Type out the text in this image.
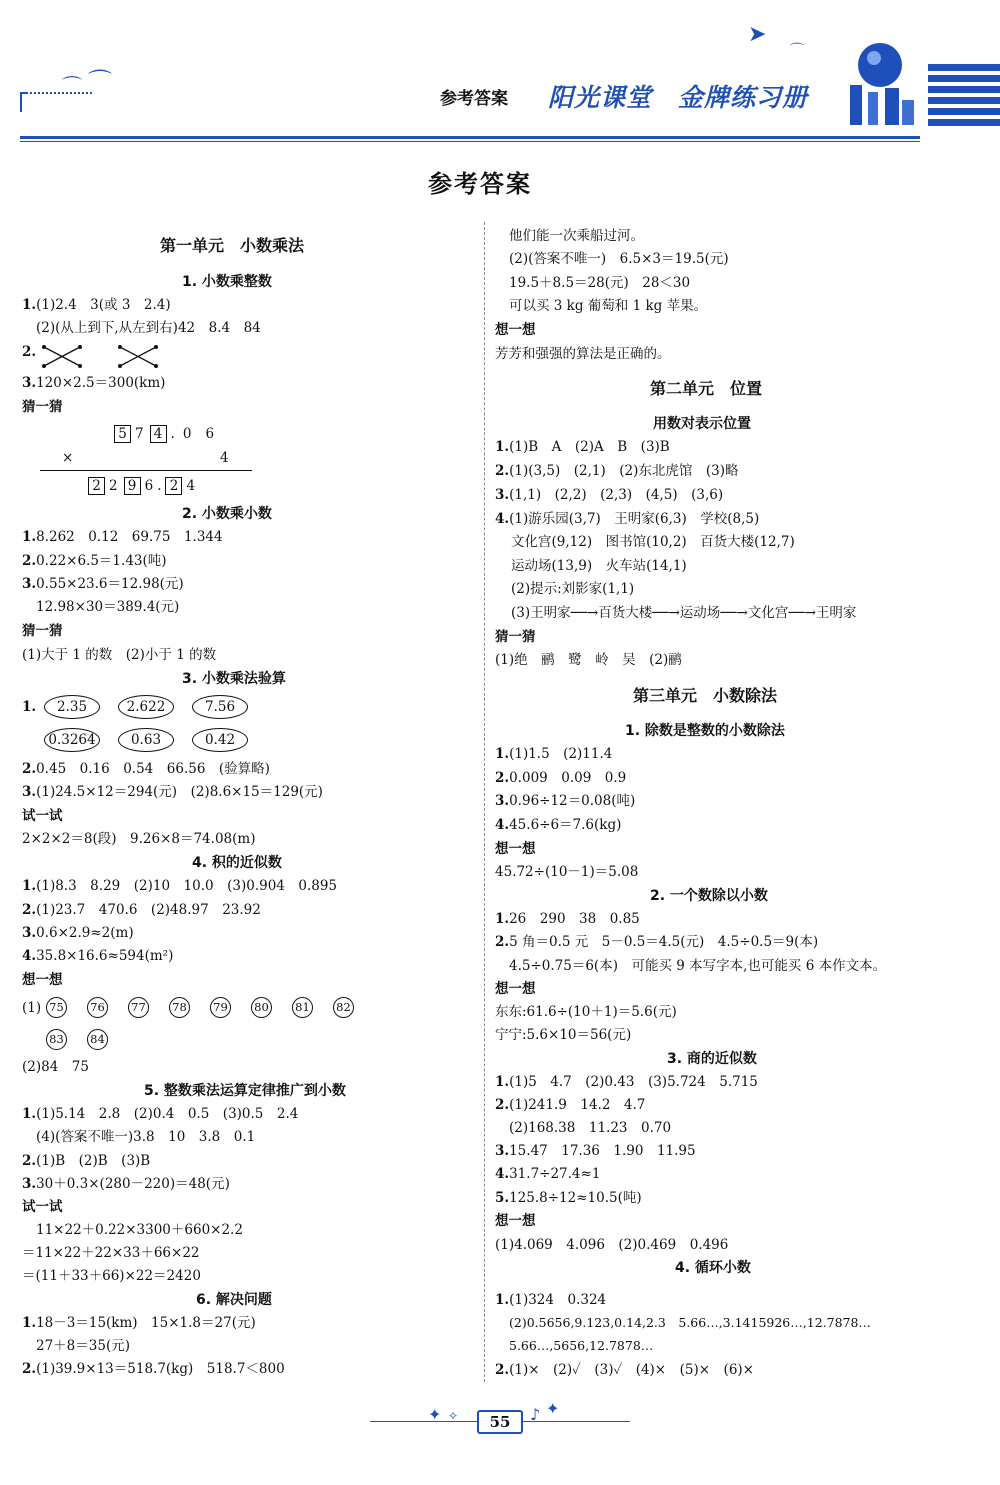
⌒ ⌒
➤
⌒
参考答案 阳光课堂　金牌练习册
参考答案
第一单元　小数乘法
1. 小数乘整数
1.(1)2.4　3(或 3　2.4)
(2)(从上到下,从左到右)42　8.4　84
2.
3.120×2.5＝300(km)
猜一猜
5 7 4 . 0 6
×	4
2 2 9 6 . 2 4
2. 小数乘小数
1.8.262　0.12　69.75　1.344
2.0.22×6.5＝1.43(吨)
3.0.55×23.6＝12.98(元)
12.98×30＝389.4(元)
猜一猜
(1)大于 1 的数　(2)小于 1 的数
3. 小数乘法验算
1.	2.35	2.622	7.56
0.3264	0.63	0.42
2.0.45　0.16　0.54　66.56　(验算略)
3.(1)24.5×12＝294(元)　(2)8.6×15＝129(元)
试一试
2×2×2＝8(段)　9.26×8＝74.08(m)
4. 积的近似数
1.(1)8.3　8.29　(2)10　10.0　(3)0.904　0.895
2.(1)23.7　470.6　(2)48.97　23.92
3.0.6×2.9≈2(m)
4.35.8×16.6≈594(m²)
想一想
(1) 75 76 77 78 79 80 81 82
83 84
(2)84　75
5. 整数乘法运算定律推广到小数
1.(1)5.14　2.8　(2)0.4　0.5　(3)0.5　2.4
(4)(答案不唯一)3.8　10　3.8　0.1
2.(1)B　(2)B　(3)B
3.30＋0.3×(280－220)＝48(元)
试一试
11×22＋0.22×3300＋660×2.2
＝11×22＋22×33＋66×22
＝(11＋33＋66)×22＝2420
6. 解决问题
1.18－3＝15(km)　15×1.8＝27(元)
27＋8＝35(元)
2.(1)39.9×13＝518.7(kg)　518.7＜800
他们能一次乘船过河。
(2)(答案不唯一)　6.5×3＝19.5(元)
19.5＋8.5＝28(元)　28＜30
可以买 3 kg 葡萄和 1 kg 苹果。
想一想
芳芳和强强的算法是正确的。
第二单元　位置
用数对表示位置
1.(1)B　A　(2)A　B　(3)B
2.(1)(3,5)　(2,1)　(2)东北虎馆　(3)略
3.(1,1)　(2,2)　(2,3)　(4,5)　(3,6)
4.(1)游乐园(3,7)　王明家(6,3)　学校(8,5)
文化宫(9,12)　图书馆(10,2)　百货大楼(12,7)
运动场(13,9)　火车站(14,1)
(2)提示:刘影家(1,1)
(3)王明家──→百货大楼──→运动场──→文化宫──→王明家
猜一猜
(1)绝　鹂　鹭　岭　吴　(2)鹂
第三单元　小数除法
1. 除数是整数的小数除法
1.(1)1.5　(2)11.4
2.0.009　0.09　0.9
3.0.96÷12＝0.08(吨)
4.45.6÷6＝7.6(kg)
想一想
45.72÷(10－1)＝5.08
2. 一个数除以小数
1.26　290　38　0.85
2.5 角＝0.5 元　5－0.5＝4.5(元)　4.5÷0.5＝9(本)
4.5÷0.75＝6(本)　可能买 9 本写字本,也可能买 6 本作文本。
想一想
东东:61.6÷(10＋1)＝5.6(元)
宁宁:5.6×10＝56(元)
3. 商的近似数
1.(1)5　4.7　(2)0.43　(3)5.724　5.715
2.(1)241.9　14.2　4.7
(2)168.38　11.23　0.70
3.15.47　17.36　1.90　11.95
4.31.7÷27.4≈1
5.125.8÷12≈10.5(吨)
想一想
(1)4.069　4.096　(2)0.469　0.496
4. 循环小数
1.(1)324　0.324
(2)0.5656,9.123,0.14,2.3　5.66…,3.1415926…,12.7878…
5.66…,5656,12.7878…
2.(1)×　(2)✓　(3)✓　(4)×　(5)×　(6)×
✦ ✧	55	♪ ✦
